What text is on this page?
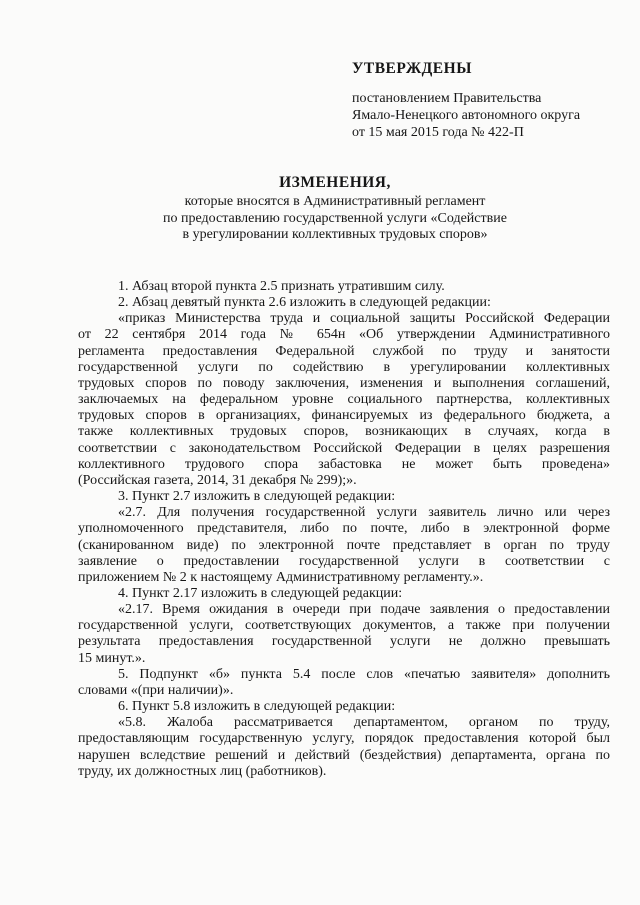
УТВЕРЖДЕНЫ
постановлением Правительства
Ямало-Ненецкого автономного округа
от 15 мая 2015 года № 422-П
ИЗМЕНЕНИЯ,
которые вносятся в Административный регламент
по предоставлению государственной услуги «Содействие
в урегулировании коллективных трудовых споров»

1. Абзац второй пункта 2.5 признать утратившим силу.

2. Абзац девятый пункта 2.6 изложить в следующей редакции:

«приказ Министерства труда и социальной защиты Российской Федерации
от 22 сентября 2014 года № 654н «Об утверждении Административного
регламента предоставления Федеральной службой по труду и занятости
государственной услуги по содействию в урегулировании коллективных
трудовых споров по поводу заключения, изменения и выполнения соглашений,
заключаемых на федеральном уровне социального партнерства, коллективных
трудовых споров в организациях, финансируемых из федерального бюджета, а
также коллективных трудовых споров, возникающих в случаях, когда в
соответствии с законодательством Российской Федерации в целях разрешения
коллективного трудового спора забастовка не может быть проведена»
(Российская газета, 2014, 31 декабря № 299);».

3. Пункт 2.7 изложить в следующей редакции:

«2.7. Для получения государственной услуги заявитель лично или через
уполномоченного представителя, либо по почте, либо в электронной форме
(сканированном виде) по электронной почте представляет в орган по труду
заявление о предоставлении государственной услуги в соответствии с
приложением № 2 к настоящему Административному регламенту.».

4. Пункт 2.17 изложить в следующей редакции:

«2.17. Время ожидания в очереди при подаче заявления о предоставлении
государственной услуги, соответствующих документов, а также при получении
результата предоставления государственной услуги не должно превышать
15 минут.».

5. Подпункт «б» пункта 5.4 после слов «печатью заявителя» дополнить
словами «(при наличии)».

6. Пункт 5.8 изложить в следующей редакции:

«5.8. Жалоба рассматривается департаментом, органом по труду,
предоставляющим государственную услугу, порядок предоставления которой был
нарушен вследствие решений и действий (бездействия) департамента, органа по
труду, их должностных лиц (работников).
